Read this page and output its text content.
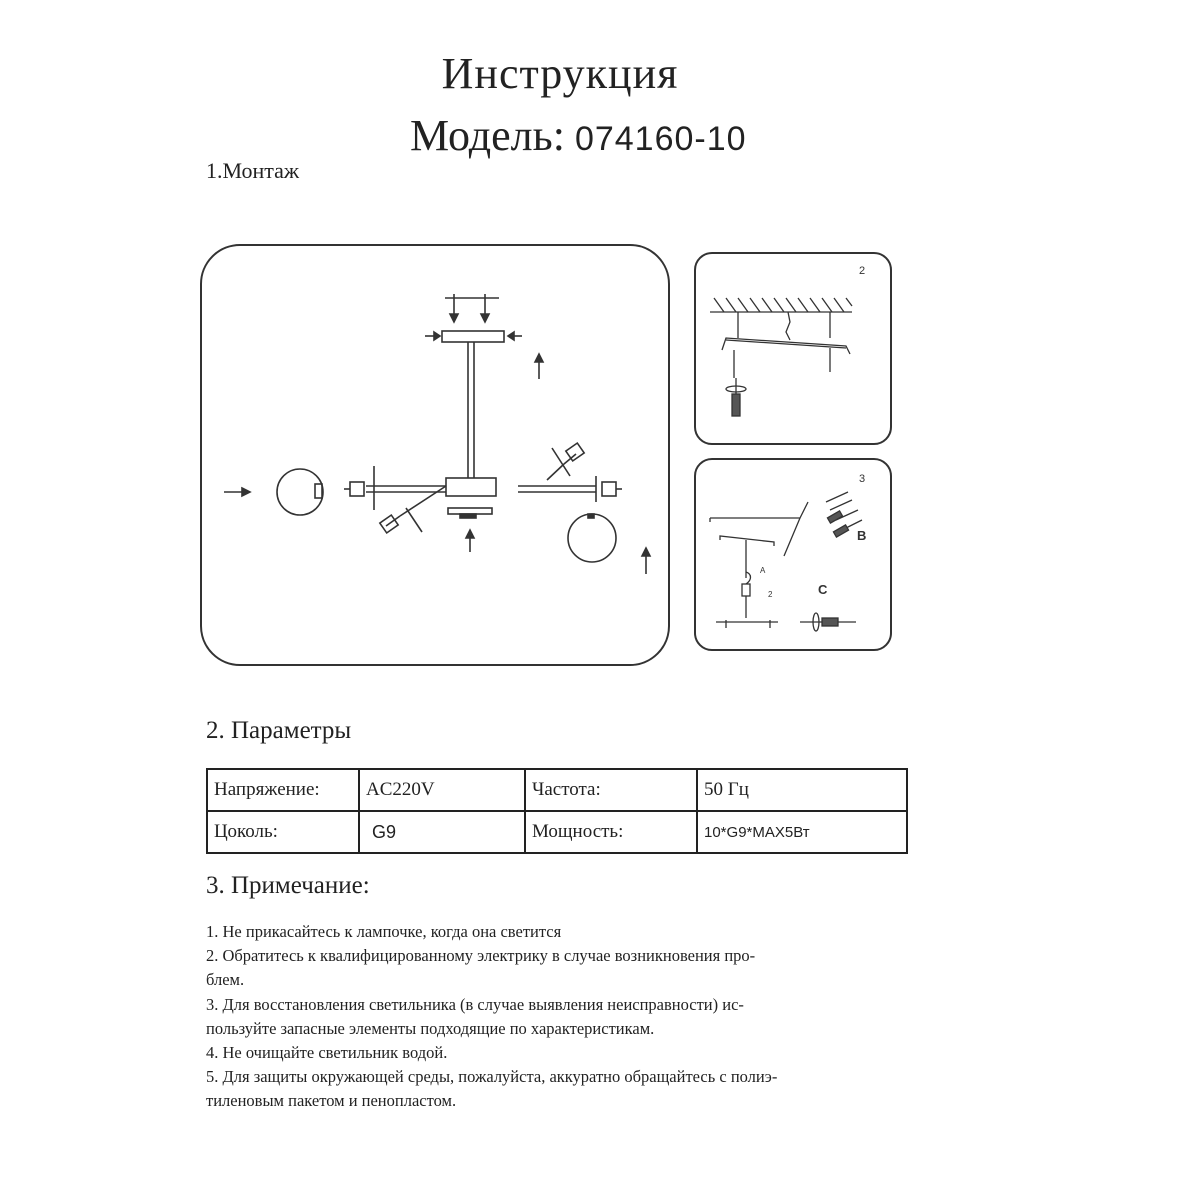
Инструкция
Модель: 074160-10
1.Монтаж
2
3
B
C
A
2
2. Параметры
Напряжение:	AC220V	Частота:	50 Гц
Цоколь:	G9	Мощность:	10*G9*MAX5Вт
3. Примечание:
1. Не прикасайтесь к лампочке, когда она светится
2. Обратитесь к квалифицированному электрику в случае возникновения про-
блем.
3. Для восстановления светильника (в случае выявления неисправности) ис-
пользуйте запасные элементы подходящие по характеристикам.
4. Не очищайте светильник водой.
5. Для защиты окружающей среды, пожалуйста, аккуратно обращайтесь с полиэ-
тиленовым пакетом и пенопластом.
